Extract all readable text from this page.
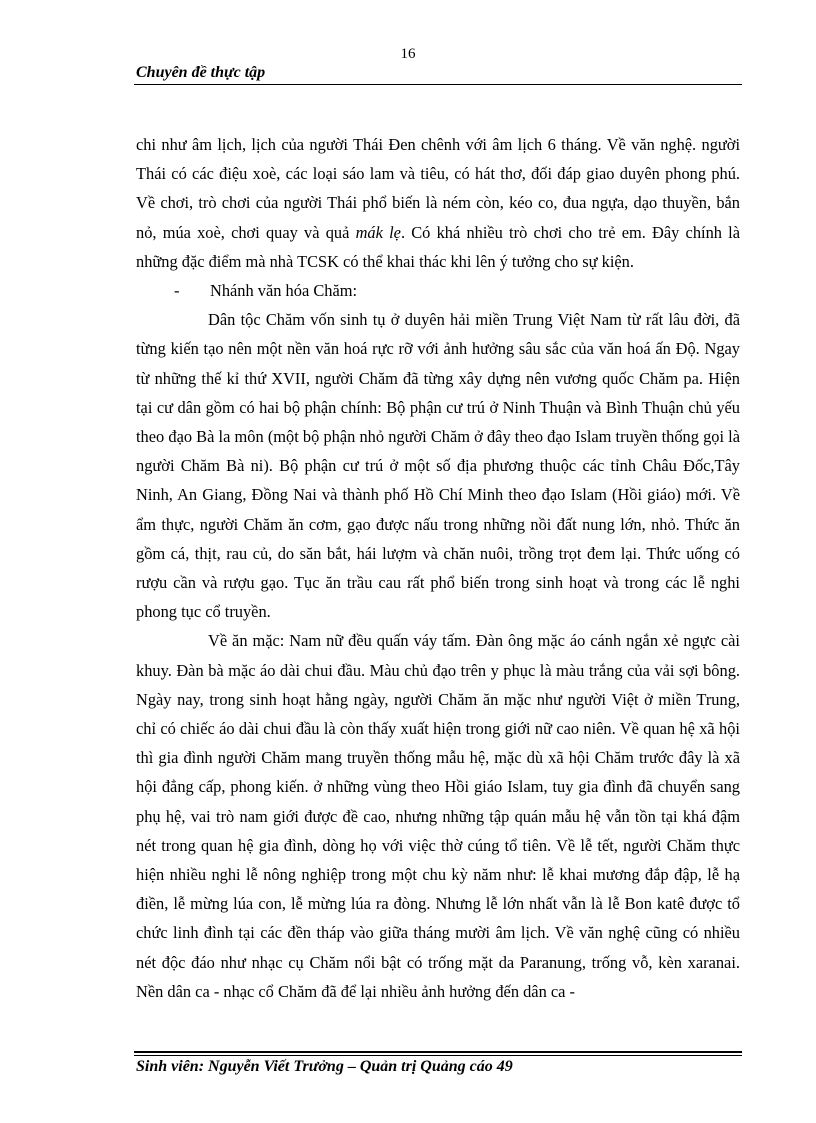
16
Chuyên đề thực tập

chi như âm lịch, lịch của người Thái Đen chênh với âm lịch 6 tháng. Về văn nghệ. người Thái có các điệu xoè, các loại sáo lam và tiêu, có hát thơ, đối đáp giao duyên phong phú. Về chơi, trò chơi của người Thái phổ biến là ném còn, kéo co, đua ngựa, dạo thuyền, bắn nỏ, múa xoè, chơi quay và quả mák lẹ. Có khá nhiều trò chơi cho trẻ em. Đây chính là những đặc điểm mà nhà TCSK có thể khai thác khi lên ý tưởng cho sự kiện.

-	Nhánh văn hóa Chăm:

Dân tộc Chăm vốn sinh tụ ở duyên hải miền Trung Việt Nam từ rất lâu đời, đã từng kiến tạo nên một nền văn hoá rực rỡ với ảnh hưởng sâu sắc của văn hoá ấn Độ. Ngay từ những thế kỉ thứ XVII, người Chăm đã từng xây dựng nên vương quốc Chăm pa. Hiện tại cư dân gồm có hai bộ phận chính: Bộ phận cư trú ở Ninh Thuận và Bình Thuận chủ yếu theo đạo Bà la môn (một bộ phận nhỏ người Chăm ở đây theo đạo Islam truyền thống gọi là người Chăm Bà ni). Bộ phận cư trú ở một số địa phương thuộc các tỉnh Châu Đốc,Tây Ninh, An Giang, Đồng Nai và thành phố Hồ Chí Minh theo đạo Islam (Hồi giáo) mới. Về ẩm thực, người Chăm ăn cơm, gạo được nấu trong những nồi đất nung lớn, nhỏ. Thức ăn gồm cá, thịt, rau củ, do săn bắt, hái lượm và chăn nuôi, trồng trọt đem lại. Thức uống có rượu cần và rượu gạo. Tục ăn trầu cau rất phổ biến trong sinh hoạt và trong các lễ nghi phong tục cổ truyền.

Về ăn mặc: Nam nữ đều quấn váy tấm. Đàn ông mặc áo cánh ngắn xẻ ngực cài khuy. Đàn bà mặc áo dài chui đầu. Màu chủ đạo trên y phục là màu trắng của vải sợi bông. Ngày nay, trong sinh hoạt hằng ngày, người Chăm ăn mặc như người Việt ở miền Trung, chỉ có chiếc áo dài chui đầu là còn thấy xuất hiện trong giới nữ cao niên. Về quan hệ xã hội thì gia đình người Chăm mang truyền thống mẫu hệ, mặc dù xã hội Chăm trước đây là xã hội đẳng cấp, phong kiến. ở những vùng theo Hồi giáo Islam, tuy gia đình đã chuyển sang phụ hệ, vai trò nam giới được đề cao, nhưng những tập quán mẫu hệ vẫn tồn tại khá đậm nét trong quan hệ gia đình, dòng họ với việc thờ cúng tổ tiên. Về lễ tết, người Chăm thực hiện nhiều nghi lễ nông nghiệp trong một chu kỳ năm như: lễ khai mương đắp đập, lễ hạ điền, lễ mừng lúa con, lễ mừng lúa ra đòng. Nhưng lễ lớn nhất vẫn là lễ Bon katê được tổ chức linh đình tại các đền tháp vào giữa tháng mười âm lịch. Về văn nghệ cũng có nhiều nét độc đáo như nhạc cụ Chăm nổi bật có trống mặt da Paranung, trống vỗ, kèn xaranai. Nền dân ca - nhạc cổ Chăm đã để lại nhiều ảnh hưởng đến dân ca -

Sinh viên: Nguyễn Viết Trưởng – Quản trị Quảng cáo 49
